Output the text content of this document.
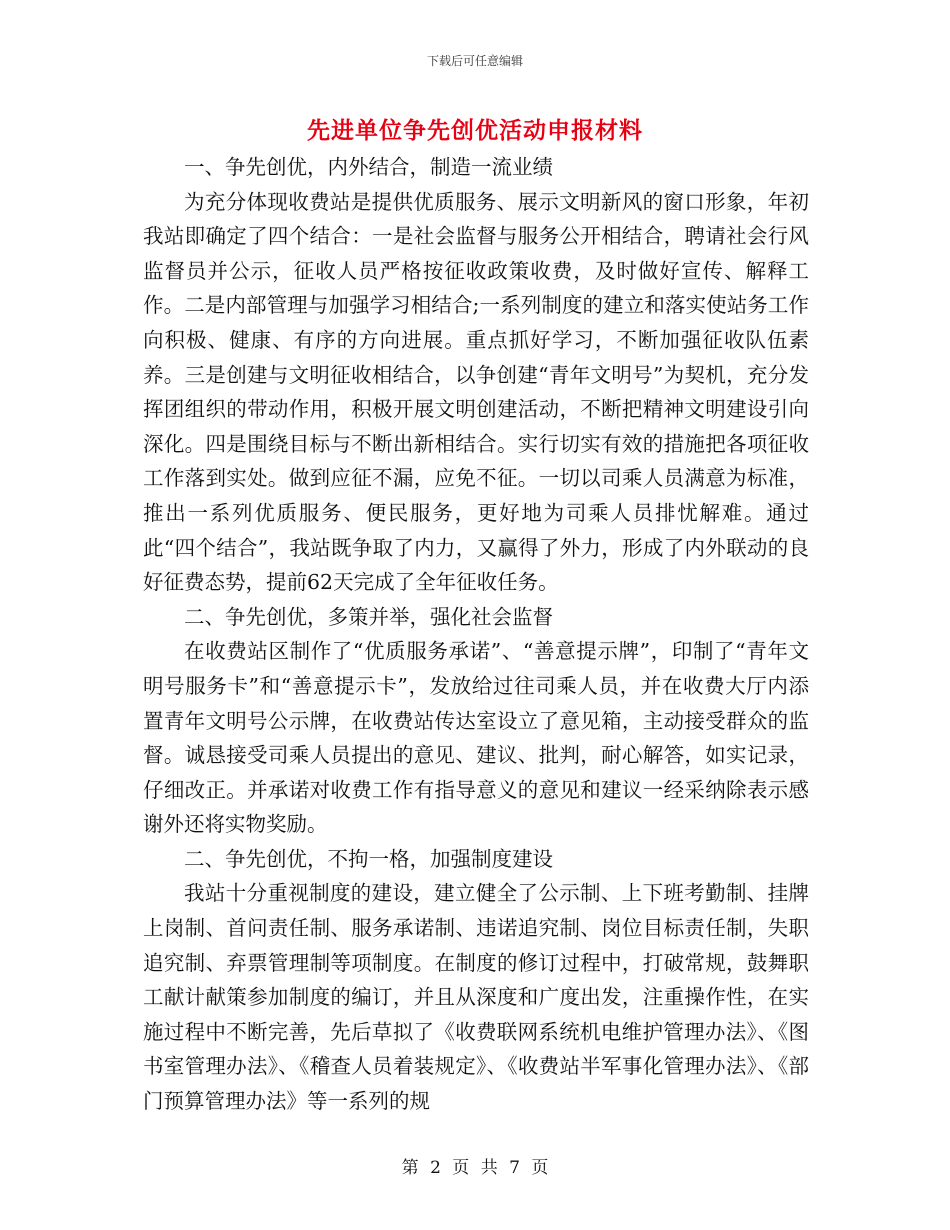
下载后可任意编辑
先进单位争先创优活动申报材料

一、争先创优，内外结合，制造一流业绩

为充分体现收费站是提供优质服务、展示文明新风的窗口形象，年初我站即确定了四个结合：一是社会监督与服务公开相结合，聘请社会行风监督员并公示，征收人员严格按征收政策收费，及时做好宣传、解释工作。二是内部管理与加强学习相结合;一系列制度的建立和落实使站务工作向积极、健康、有序的方向进展。重点抓好学习，不断加强征收队伍素养。三是创建与文明征收相结合，以争创建“青年文明号”为契机，充分发挥团组织的带动作用，积极开展文明创建活动，不断把精神文明建设引向深化。四是围绕目标与不断出新相结合。实行切实有效的措施把各项征收工作落到实处。做到应征不漏，应免不征。一切以司乘人员满意为标准，推出一系列优质服务、便民服务，更好地为司乘人员排忧解难。通过此“四个结合”，我站既争取了内力，又赢得了外力，形成了内外联动的良好征费态势，提前62天完成了全年征收任务。

二、争先创优，多策并举，强化社会监督

在收费站区制作了“优质服务承诺”、“善意提示牌”，印制了“青年文明号服务卡”和“善意提示卡”，发放给过往司乘人员，并在收费大厅内添置青年文明号公示牌，在收费站传达室设立了意见箱，主动接受群众的监督。诚恳接受司乘人员提出的意见、建议、批判，耐心解答，如实记录，仔细改正。并承诺对收费工作有指导意义的意见和建议一经采纳除表示感谢外还将实物奖励。

二、争先创优，不拘一格，加强制度建设

我站十分重视制度的建设，建立健全了公示制、上下班考勤制、挂牌上岗制、首问责任制、服务承诺制、违诺追究制、岗位目标责任制，失职追究制、弃票管理制等项制度。在制度的修订过程中，打破常规，鼓舞职工献计献策参加制度的编订，并且从深度和广度出发，注重操作性，在实施过程中不断完善，先后草拟了《收费联网系统机电维护管理办法》、《图书室管理办法》、《稽查人员着装规定》、《收费站半军事化管理办法》、《部门预算管理办法》等一系列的规

第 2 页 共 7 页
